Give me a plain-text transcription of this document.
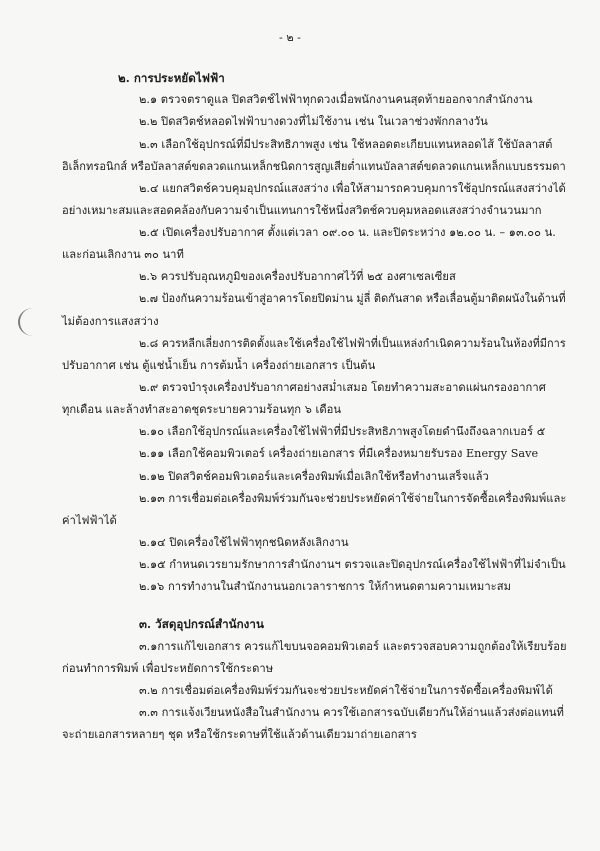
- ๒ -
๒. การประหยัดไฟฟ้า
๒.๑ ตรวจตราดูแล ปิดสวิตช์ไฟฟ้าทุกดวงเมื่อพนักงานคนสุดท้ายออกจากสำนักงาน
๒.๒ ปิดสวิตช์หลอดไฟฟ้าบางดวงที่ไม่ใช้งาน เช่น ในเวลาช่วงพักกลางวัน
๒.๓ เลือกใช้อุปกรณ์ที่มีประสิทธิภาพสูง เช่น ใช้หลอดตะเกียบแทนหลอดไส้ ใช้บัลลาสต์
อิเล็กทรอนิกส์ หรือบัลลาสต์ขดลวดแกนเหล็กชนิดการสูญเสียต่ำแทนบัลลาสต์ขดลวดแกนเหล็กแบบธรรมดา
๒.๔ แยกสวิตช์ควบคุมอุปกรณ์แสงสว่าง เพื่อให้สามารถควบคุมการใช้อุปกรณ์แสงสว่างได้
อย่างเหมาะสมและสอดคล้องกับความจำเป็นแทนการใช้หนึ่งสวิตช์ควบคุมหลอดแสงสว่างจำนวนมาก
๒.๕ เปิดเครื่องปรับอากาศ ตั้งแต่เวลา ๐๙.๐๐ น. และปิดระหว่าง ๑๒.๐๐ น. – ๑๓.๐๐ น.
และก่อนเลิกงาน ๓๐ นาที
๒.๖ ควรปรับอุณหภูมิของเครื่องปรับอากาศไว้ที่ ๒๕ องศาเซลเซียส
๒.๗ ป้องกันความร้อนเข้าสู่อาคารโดยปิดม่าน มู่ลี่ ติดกันสาด หรือเลื่อนตู้มาติดผนังในด้านที่
ไม่ต้องการแสงสว่าง
๒.๘ ควรหลีกเลี่ยงการติดตั้งและใช้เครื่องใช้ไฟฟ้าที่เป็นแหล่งกำเนิดความร้อนในห้องที่มีการ
ปรับอากาศ เช่น ตู้แช่น้ำเย็น การต้มน้ำ เครื่องถ่ายเอกสาร เป็นต้น
๒.๙ ตรวจบำรุงเครื่องปรับอากาศอย่างสม่ำเสมอ โดยทำความสะอาดแผ่นกรองอากาศ
ทุกเดือน และล้างทำสะอาดชุดระบายความร้อนทุก ๖ เดือน
๒.๑๐ เลือกใช้อุปกรณ์และเครื่องใช้ไฟฟ้าที่มีประสิทธิภาพสูงโดยดำนึงถึงฉลากเบอร์ ๕
๒.๑๑ เลือกใช้คอมพิวเตอร์ เครื่องถ่ายเอกสาร ที่มีเครื่องหมายรับรอง Energy Save
๒.๑๒ ปิดสวิตช์คอมพิวเตอร์และเครื่องพิมพ์เมื่อเลิกใช้หรือทำงานเสร็จแล้ว
๒.๑๓ การเชื่อมต่อเครื่องพิมพ์ร่วมกันจะช่วยประหยัดค่าใช้จ่ายในการจัดซื้อเครื่องพิมพ์และ
ค่าไฟฟ้าได้
๒.๑๔ ปิดเครื่องใช้ไฟฟ้าทุกชนิดหลังเลิกงาน
๒.๑๕ กำหนดเวรยามรักษาการสำนักงานฯ ตรวจและปิดอุปกรณ์เครื่องใช้ไฟฟ้าที่ไม่จำเป็น
๒.๑๖ การทำงานในสำนักงานนอกเวลาราชการ ให้กำหนดตามความเหมาะสม
๓. วัสดุอุปกรณ์สำนักงาน
๓.๑การแก้ไขเอกสาร ควรแก้ไขบนจอคอมพิวเตอร์ และตรวจสอบความถูกต้องให้เรียบร้อย
ก่อนทำการพิมพ์ เพื่อประหยัดการใช้กระดาษ
๓.๒ การเชื่อมต่อเครื่องพิมพ์ร่วมกันจะช่วยประหยัดค่าใช้จ่ายในการจัดซื้อเครื่องพิมพ์ได้
๓.๓ การแจ้งเวียนหนังสือในสำนักงาน ควรใช้เอกสารฉบับเดียวกันให้อ่านแล้วส่งต่อแทนที่
จะถ่ายเอกสารหลายๆ ชุด หรือใช้กระดาษที่ใช้แล้วด้านเดียวมาถ่ายเอกสาร
